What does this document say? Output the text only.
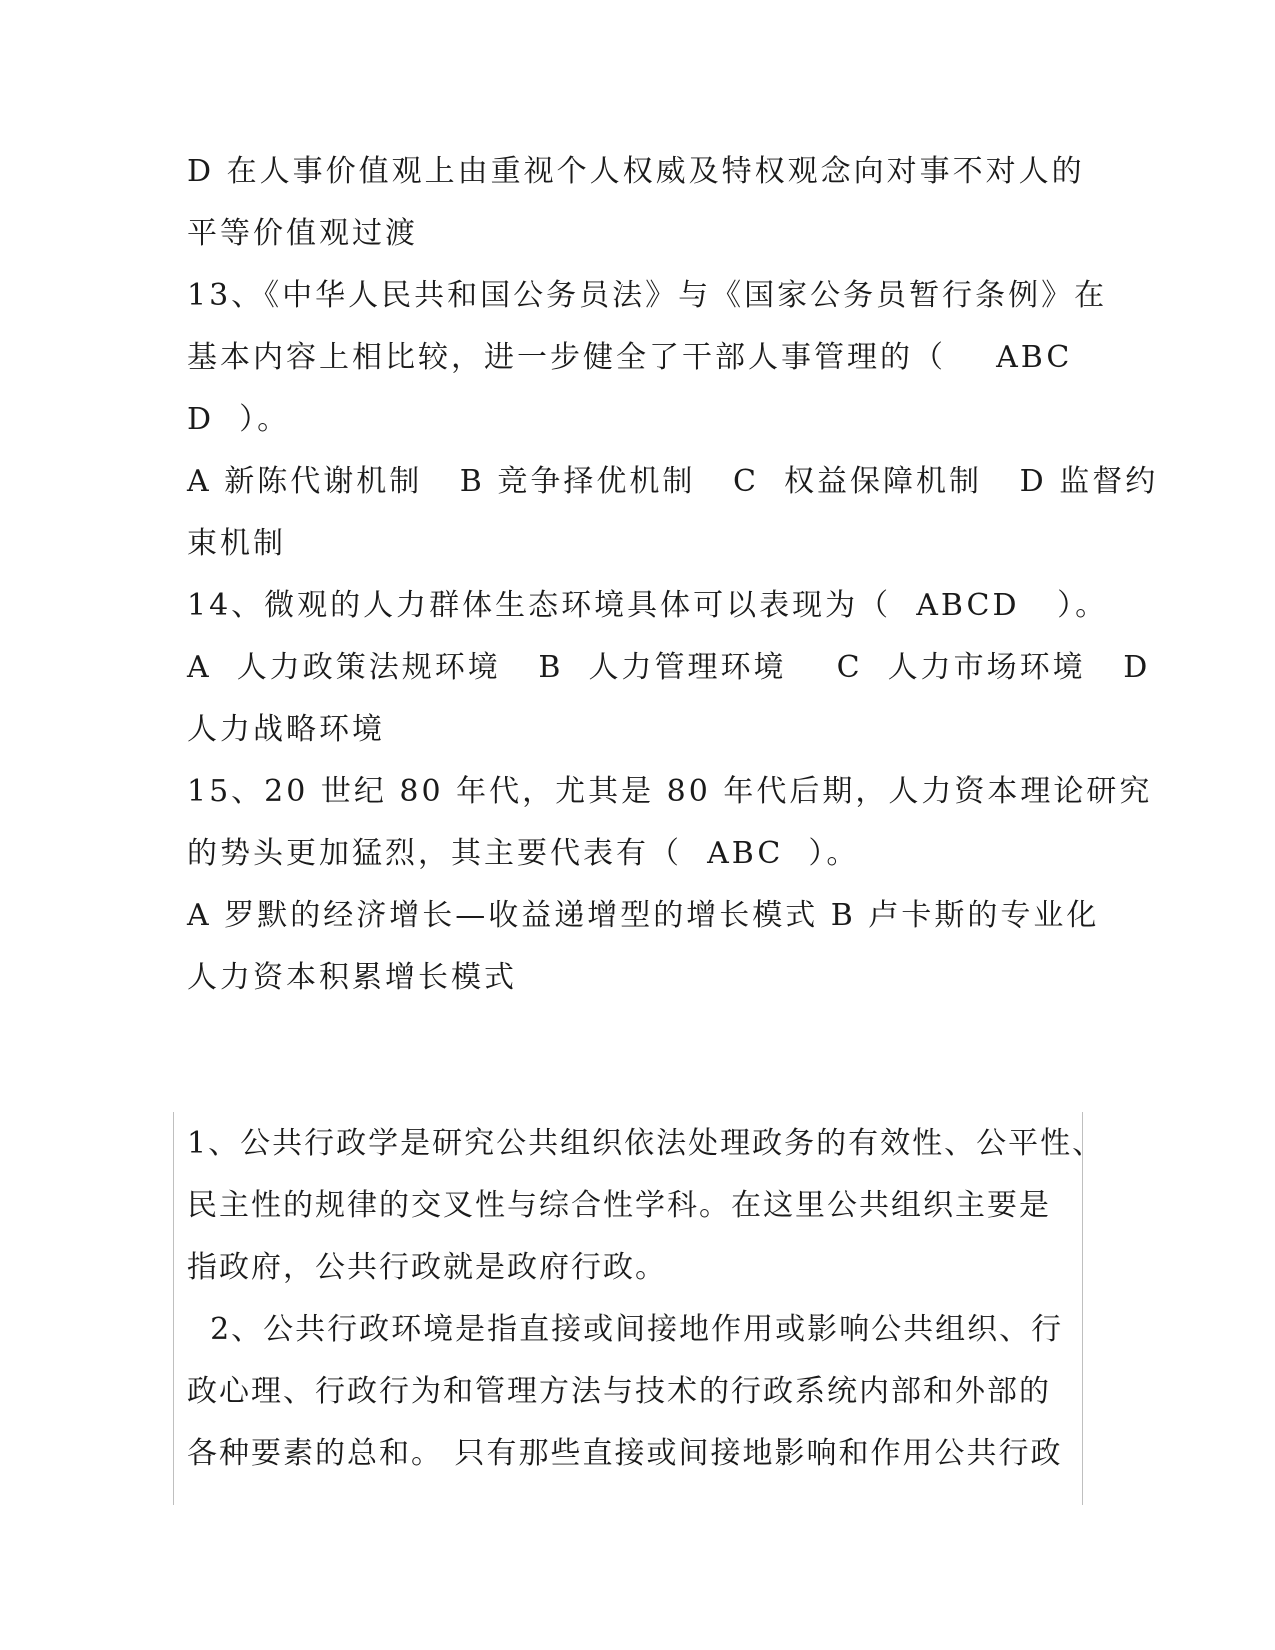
D 在人事价值观上由重视个人权威及特权观念向对事不对人的
平等价值观过渡
13、《中华人民共和国公务员法》与《国家公务员暂行条例》在
基本内容上相比较，进一步健全了干部人事管理的（    ABC
D  ）。
A 新陈代谢机制   B 竞争择优机制   C  权益保障机制   D 监督约
束机制
14、微观的人力群体生态环境具体可以表现为（  ABCD   ）。
A  人力政策法规环境   B  人力管理环境    C  人力市场环境   D
人力战略环境
15、20 世纪 80 年代，尤其是 80 年代后期，人力资本理论研究
的势头更加猛烈，其主要代表有（  ABC  ）。
A 罗默的经济增长—收益递增型的增长模式 B 卢卡斯的专业化
人力资本积累增长模式
1、公共行政学是研究公共组织依法处理政务的有效性、公平性、
民主性的规律的交叉性与综合性学科。在这里公共组织主要是
指政府，公共行政就是政府行政。
2、公共行政环境是指直接或间接地作用或影响公共组织、行
政心理、行政行为和管理方法与技术的行政系统内部和外部的
各种要素的总和。 只有那些直接或间接地影响和作用公共行政
